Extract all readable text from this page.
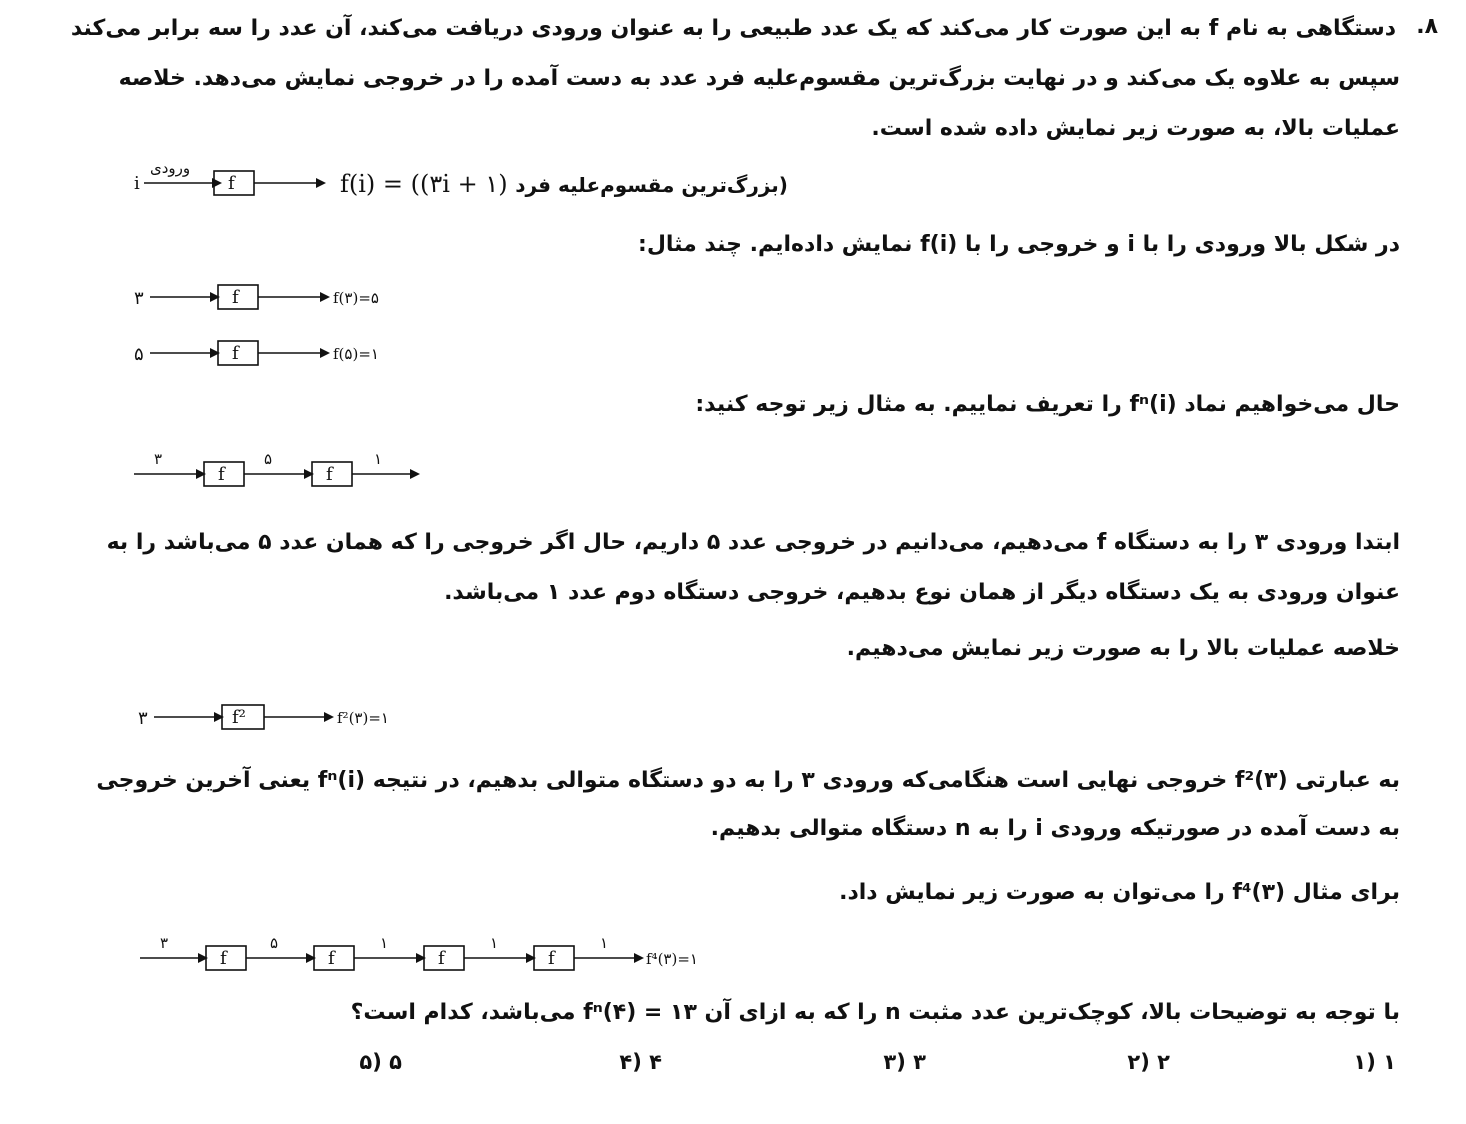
۸.
دستگاهی به نام f به این صورت کار می‌کند که یک عدد طبیعی را به عنوان ورودی دریافت می‌کند، آن عدد را سه برابر می‌کند
سپس به علاوه یک می‌کند و در نهایت بزرگ‌ترین مقسوم‌علیه فرد عدد به دست آمده را در خروجی نمایش می‌دهد. خلاصه
عملیات بالا، به صورت زیر نمایش داده شده است.
i
ورودی
f	f(i) = ((۳i + ۱) (بزرگ‌ترین مقسوم‌علیه فرد
در شکل بالا ورودی را با i و خروجی را با f(i) نمایش داده‌ایم. چند مثال:
۳	f	f(۳)=۵
۵	f	f(۵)=۱
حال می‌خواهیم نماد fⁿ(i) را تعریف نماییم. به مثال زیر توجه کنید:
۳
f
۵
f
۱
ابتدا ورودی ۳ را به دستگاه f می‌دهیم، می‌دانیم در خروجی عدد ۵ داریم، حال اگر خروجی را که همان عدد ۵ می‌باشد را به
عنوان ورودی به یک دستگاه دیگر از همان نوع بدهیم، خروجی دستگاه دوم عدد ۱ می‌باشد.
خلاصه عملیات بالا را به صورت زیر نمایش می‌دهیم.
۳	f²	f²(۳)=۱
به عبارتی f²(۳) خروجی نهایی است هنگامی‌که ورودی ۳ را به دو دستگاه متوالی بدهیم، در نتیجه fⁿ(i) یعنی آخرین خروجی
به دست آمده در صورتیکه ورودی i را به n دستگاه متوالی بدهیم.
برای مثال f⁴(۳) را می‌توان به صورت زیر نمایش داد.
۳
f
۵
f
۱
f
۱
f
۱
f⁴(۳)=۱
با توجه به توضیحات بالا، کوچک‌ترین عدد مثبت n را که به ازای آن fⁿ(۴) = ۱۳ می‌باشد، کدام است؟
۱ (۱
۲ (۲
۳ (۳
۴ (۴
۵ (۵
